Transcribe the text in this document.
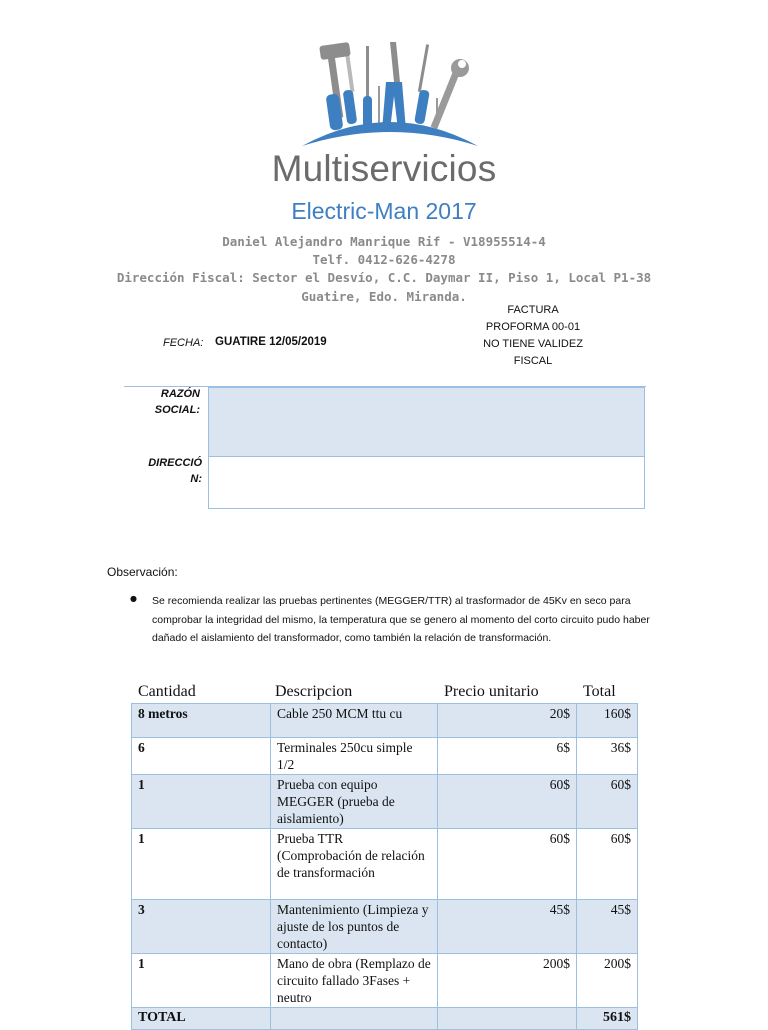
Multiservicios
Electric-Man 2017
Daniel Alejandro Manrique Rif - V18955514-4
Telf. 0412-626-4278
Dirección Fiscal: Sector el Desvío, C.C. Daymar II, Piso 1, Local P1-38
Guatire, Edo. Miranda.
FACTURA
PROFORMA 00-01
NO TIENE VALIDEZ
FISCAL
FECHA: GUATIRE 12/05/2019
RAZÓN
SOCIAL:
DIRECCIÓ
N:
Observación:
● Se recomienda realizar las pruebas pertinentes (MEGGER/TTR) al trasformador de 45Kv en seco para comprobar la integridad del mismo, la temperatura que se genero al momento del corto circuito pudo haber dañado el aislamiento del transformador, como también la relación de transformación.
Cantidad	Descripcion	Precio unitario	Total
8 metros	Cable 250 MCM ttu cu	20$	160$
6	Terminales 250cu simple 1/2	6$	36$
1	Prueba con equipo MEGGER (prueba de aislamiento)	60$	60$
1	Prueba TTR (Comprobación de relación de transformación	60$	60$
3	Mantenimiento (Limpieza y ajuste de los puntos de contacto)	45$	45$
1	Mano de obra (Remplazo de circuito fallado 3Fases + neutro	200$	200$
TOTAL			561$
